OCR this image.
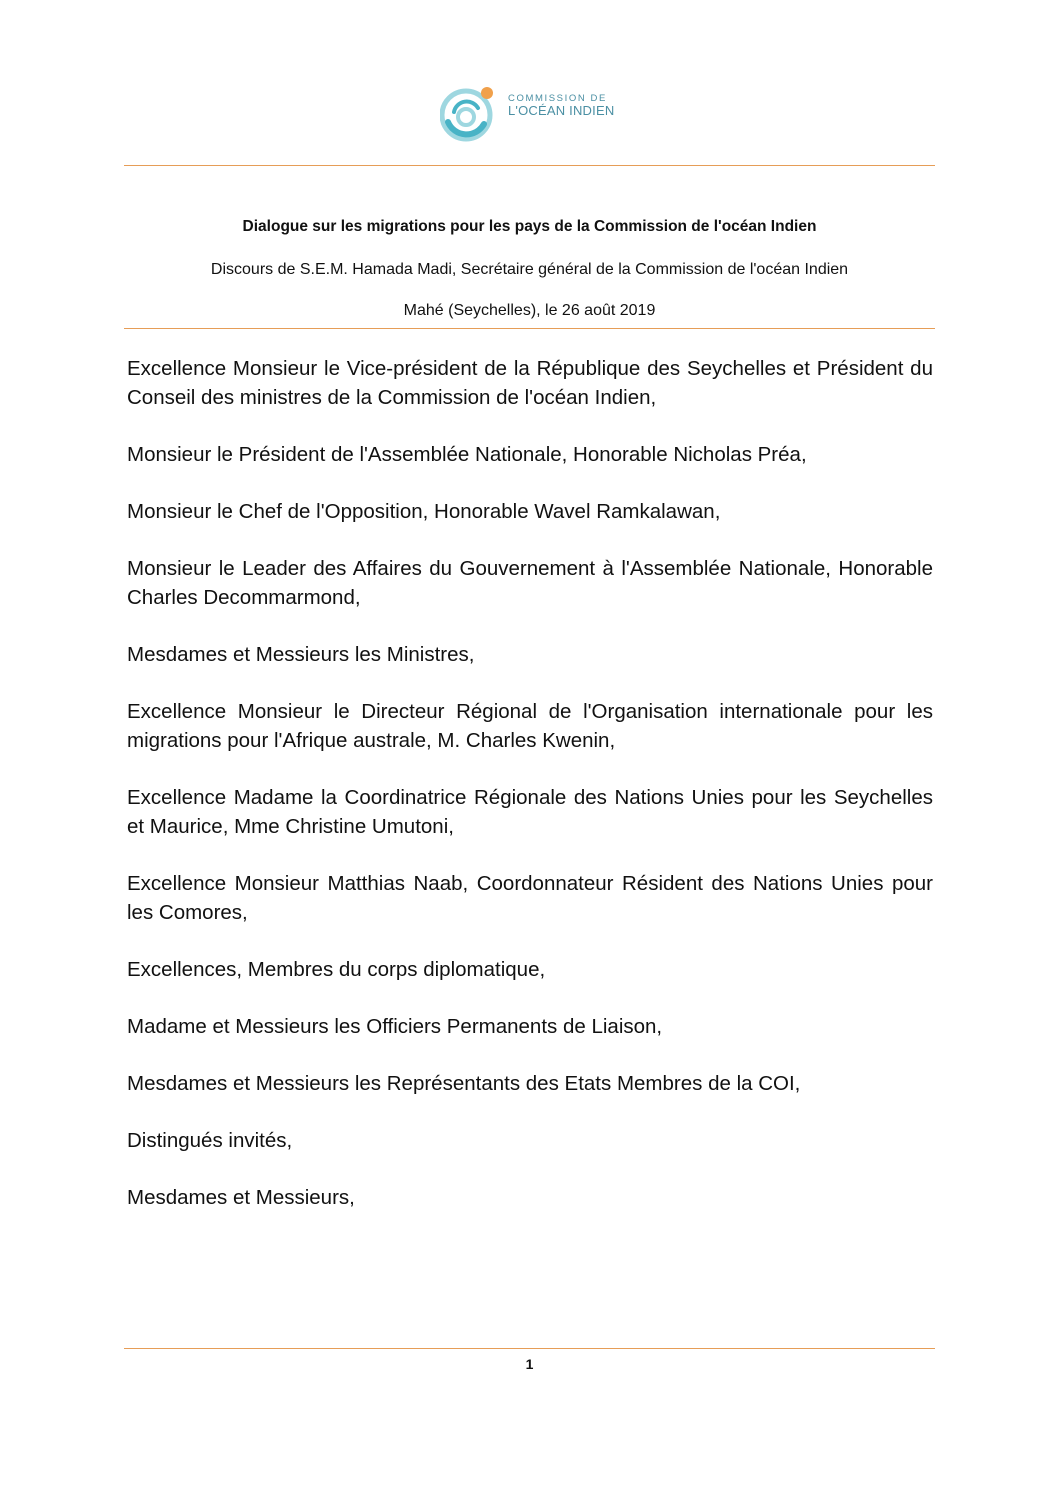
COMMISSION DE
L'OCÉAN INDIEN
Dialogue sur les migrations pour les pays de la Commission de l'océan Indien
Discours de S.E.M. Hamada Madi, Secrétaire général de la Commission de l'océan Indien
Mahé (Seychelles), le 26 août 2019

Excellence Monsieur le Vice-président de la République des Seychelles et Président du Conseil des ministres de la Commission de l'océan Indien,

Monsieur le Président de l'Assemblée Nationale, Honorable Nicholas Préa,

Monsieur le Chef de l'Opposition, Honorable Wavel Ramkalawan,

Monsieur le Leader des Affaires du Gouvernement à l'Assemblée Nationale, Honorable Charles Decommarmond,

Mesdames et Messieurs les Ministres,

Excellence Monsieur le Directeur Régional de l'Organisation internationale pour les migrations pour l'Afrique australe, M. Charles Kwenin,

Excellence Madame la Coordinatrice Régionale des Nations Unies pour les Seychelles et Maurice, Mme Christine Umutoni,

Excellence Monsieur Matthias Naab, Coordonnateur Résident des Nations Unies pour les Comores,

Excellences, Membres du corps diplomatique,

Madame et Messieurs les Officiers Permanents de Liaison,

Mesdames et Messieurs les Représentants des Etats Membres de la COI,

Distingués invités,

Mesdames et Messieurs,

1
